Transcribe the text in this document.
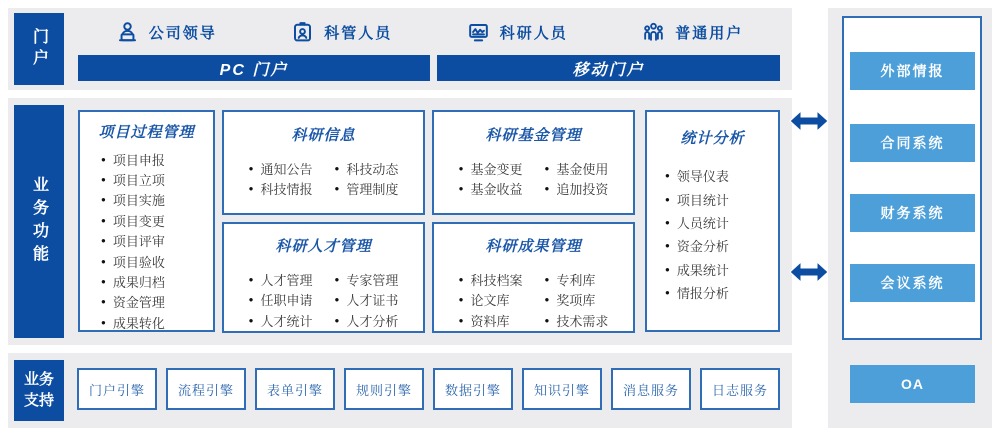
门户
业务功能
业务支持
公司领导	科管人员	科研人员	普通用户
PC 门户	移动门户
项目过程管理
● 项目申报
● 项目立项
● 项目实施
● 项目变更
● 项目评审
● 项目验收
● 成果归档
● 资金管理
● 成果转化
科研信息
● 通知公告
● 科技情报
● 科技动态
● 管理制度
科研人才管理
● 人才管理
● 任职申请
● 人才统计
● 专家管理
● 人才证书
● 人才分析
科研基金管理
● 基金变更
● 基金收益
● 基金使用
● 追加投资
科研成果管理
● 科技档案
● 论文库
● 资料库
● 专利库
● 奖项库
● 技术需求
统计分析
● 领导仪表
● 项目统计
● 人员统计
● 资金分析
● 成果统计
● 情报分析
门户引擎	流程引擎	表单引擎	规则引擎	数据引擎	知识引擎	消息服务	日志服务
外部情报
合同系统
财务系统
会议系统
OA
